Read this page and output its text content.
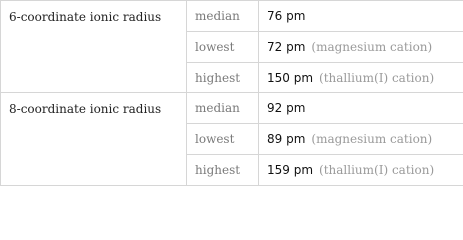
6-coordinate ionic radius	median	76 pm
	lowest	72 pm (magnesium cation)
	highest	150 pm (thallium(I) cation)
8-coordinate ionic radius	median	92 pm
	lowest	89 pm (magnesium cation)
	highest	159 pm (thallium(I) cation)
